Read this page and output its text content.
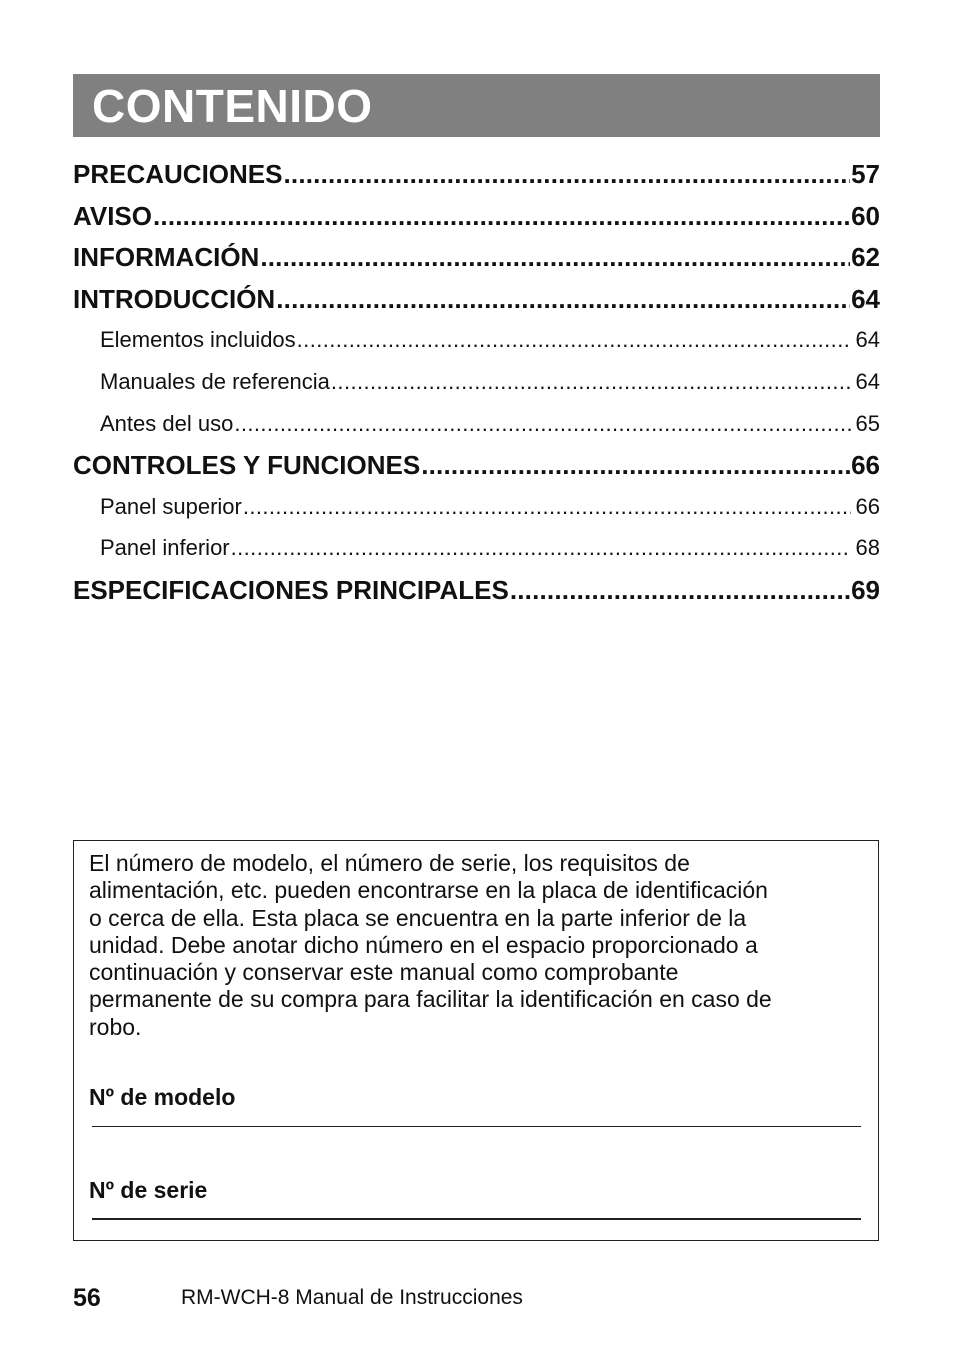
CONTENIDO
PRECAUCIONES .....	57
AVISO .....	60
INFORMACIÓN .....	62
INTRODUCCIÓN .....	64
Elementos incluidos .....	64
Manuales de referencia .....	64
Antes del uso .....	65
CONTROLES Y FUNCIONES .....	66
Panel superior .....	66
Panel inferior .....	68
ESPECIFICACIONES PRINCIPALES .....	69

El número de modelo, el número de serie, los requisitos de
alimentación, etc. pueden encontrarse en la placa de identificación
o cerca de ella. Esta placa se encuentra en la parte inferior de la
unidad. Debe anotar dicho número en el espacio proporcionado a
continuación y conservar este manual como comprobante
permanente de su compra para facilitar la identificación en caso de
robo.

Nº de modelo

Nº de serie

56	RM-WCH-8 Manual de Instrucciones
